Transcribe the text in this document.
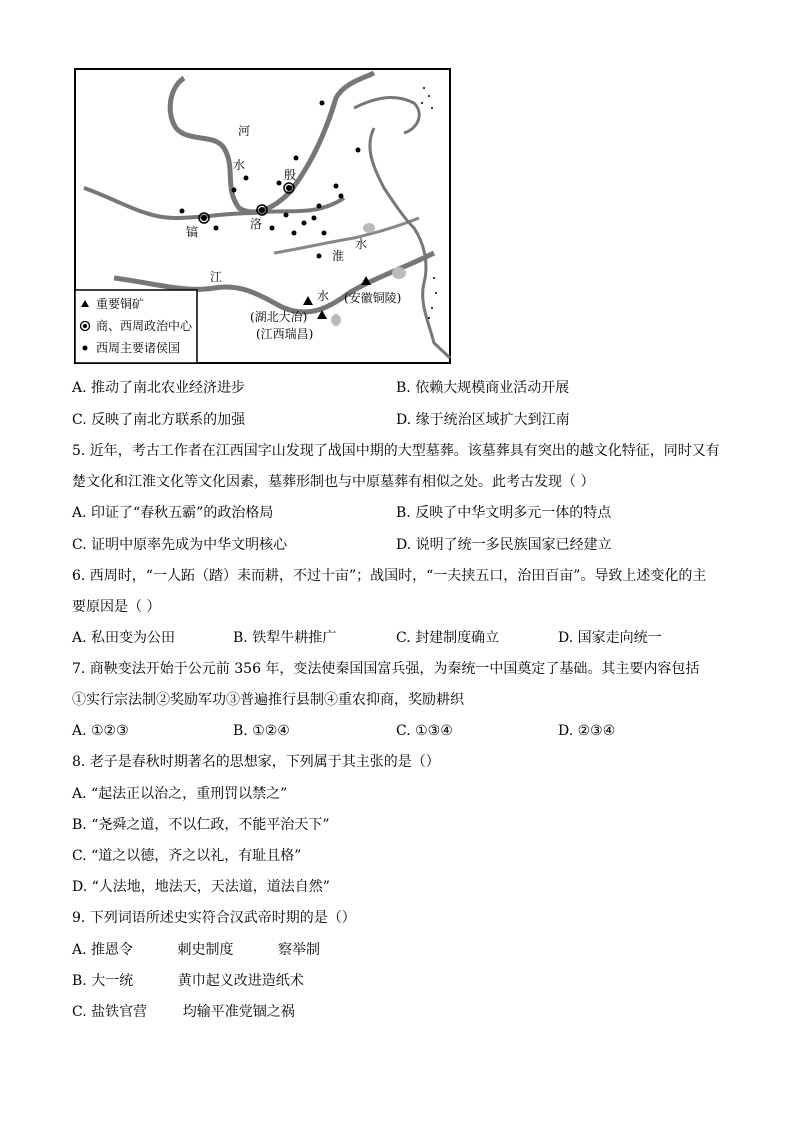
河
水
殷
镐
洛
淮
水
江
水 (安徽铜陵)
(湖北大冶)
(江西瑞昌)
重要铜矿
商、西周政治中心
西周主要诸侯国
A. 推动了南北农业经济进步	B. 依赖大规模商业活动开展
C. 反映了南北方联系的加强	D. 缘于统治区域扩大到江南
5. 近年，考古工作者在江西国字山发现了战国中期的大型墓葬。该墓葬具有突出的越文化特征，同时又有
楚文化和江淮文化等文化因素，墓葬形制也与中原墓葬有相似之处。此考古发现（ ）
A. 印证了“春秋五霸”的政治格局	B. 反映了中华文明多元一体的特点
C. 证明中原率先成为中华文明核心	D. 说明了统一多民族国家已经建立
6. 西周时，“一人跖（踏）耒而耕，不过十亩”；战国时，“一夫挟五口，治田百亩”。导致上述变化的主
要原因是（ ）
A. 私田变为公田	B. 铁犁牛耕推广	C. 封建制度确立	D. 国家走向统一
7. 商鞅变法开始于公元前 356 年，变法使秦国国富兵强，为秦统一中国奠定了基础。其主要内容包括
①实行宗法制②奖励军功③普遍推行县制④重农抑商，奖励耕织
A. ①②③	B. ①②④	C. ①③④	D. ②③④
8. 老子是春秋时期著名的思想家，下列属于其主张的是（）
A. “起法正以治之，重刑罚以禁之”
B. “尧舜之道，不以仁政，不能平治天下”
C. “道之以德，齐之以礼，有耻且格”
D. “人法地，地法天，天法道，道法自然”
9. 下列词语所述史实符合汉武帝时期的是（）
A. 推恩令          刺史制度          察举制
B. 大一统          黄巾起义改进造纸术
C. 盐铁官营        均输平准党锢之祸
